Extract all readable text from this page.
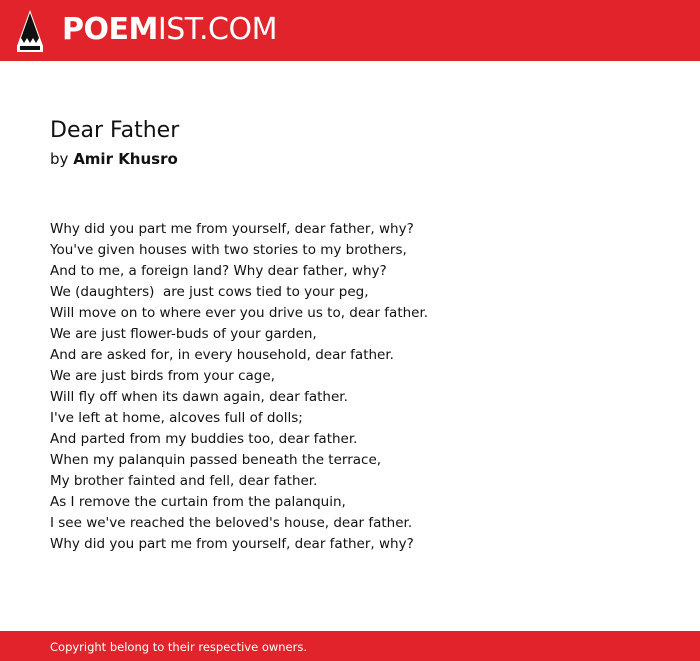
POEMIST.COM
Dear Father
by Amir Khusro
Why did you part me from yourself, dear father, why?
You've given houses with two stories to my brothers,
And to me, a foreign land? Why dear father, why?
We (daughters)  are just cows tied to your peg,
Will move on to where ever you drive us to, dear father.
We are just flower-buds of your garden,
And are asked for, in every household, dear father.
We are just birds from your cage,
Will fly off when its dawn again, dear father.
I've left at home, alcoves full of dolls;
And parted from my buddies too, dear father.
When my palanquin passed beneath the terrace,
My brother fainted and fell, dear father.
As I remove the curtain from the palanquin,
I see we've reached the beloved's house, dear father.
Why did you part me from yourself, dear father, why?
Copyright belong to their respective owners.
